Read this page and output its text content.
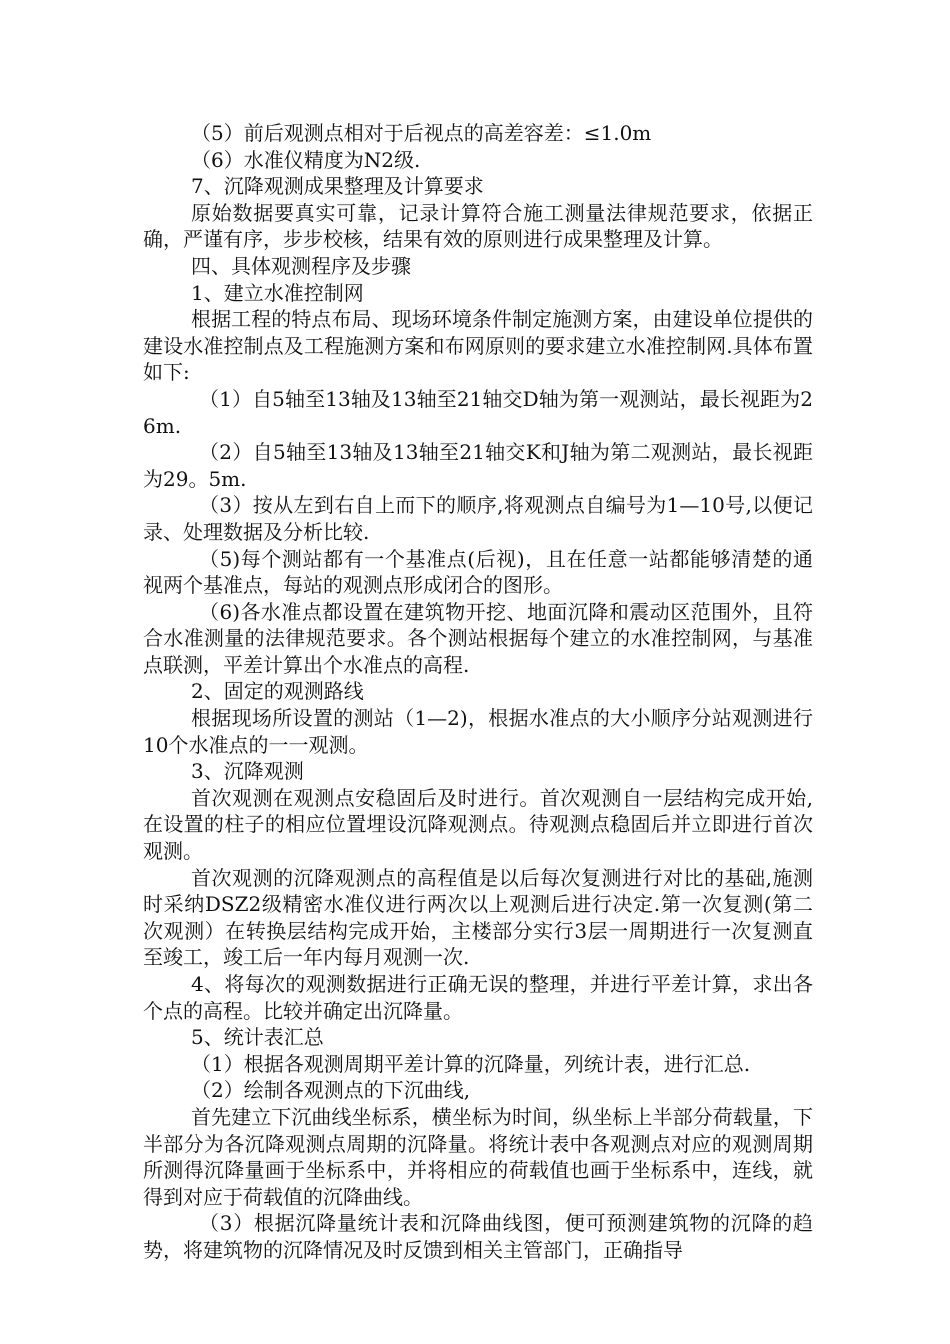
（5）前后观测点相对于后视点的高差容差：≤1.0m

（6）水准仪精度为N2级.

7、沉降观测成果整理及计算要求

原始数据要真实可靠，记录计算符合施工测量法律规范要求，依据正确，严谨有序，步步校核，结果有效的原则进行成果整理及计算。

四、具体观测程序及步骤

1、建立水准控制网

根据工程的特点布局、现场环境条件制定施测方案，由建设单位提供的建设水准控制点及工程施测方案和布网原则的要求建立水准控制网.具体布置如下:

（1）自5轴至13轴及13轴至21轴交D轴为第一观测站，最长视距为26m.

（2）自5轴至13轴及13轴至21轴交K和J轴为第二观测站，最长视距为29。5m.

（3）按从左到右自上而下的顺序,将观测点自编号为1—10号,以便记录、处理数据及分析比较.

（5)每个测站都有一个基准点(后视)，且在任意一站都能够清楚的通视两个基准点，每站的观测点形成闭合的图形。

（6)各水准点都设置在建筑物开挖、地面沉降和震动区范围外，且符合水准测量的法律规范要求。各个测站根据每个建立的水准控制网，与基准点联测，平差计算出个水准点的高程.

2、固定的观测路线

根据现场所设置的测站（1—2)，根据水准点的大小顺序分站观测进行10个水准点的一一观测。

3、沉降观测

首次观测在观测点安稳固后及时进行。首次观测自一层结构完成开始,在设置的柱子的相应位置埋设沉降观测点。待观测点稳固后并立即进行首次观测。

首次观测的沉降观测点的高程值是以后每次复测进行对比的基础,施测时采纳DSZ2级精密水准仪进行两次以上观测后进行决定.第一次复测(第二次观测）在转换层结构完成开始，主楼部分实行3层一周期进行一次复测直至竣工，竣工后一年内每月观测一次.

4、将每次的观测数据进行正确无误的整理，并进行平差计算，求出各个点的高程。比较并确定出沉降量。

5、统计表汇总

（1）根据各观测周期平差计算的沉降量，列统计表，进行汇总.

（2）绘制各观测点的下沉曲线,

首先建立下沉曲线坐标系，横坐标为时间，纵坐标上半部分荷载量，下半部分为各沉降观测点周期的沉降量。将统计表中各观测点对应的观测周期所测得沉降量画于坐标系中，并将相应的荷载值也画于坐标系中，连线，就得到对应于荷载值的沉降曲线。

（3）根据沉降量统计表和沉降曲线图，便可预测建筑物的沉降的趋势，将建筑物的沉降情况及时反馈到相关主管部门，正确指导
